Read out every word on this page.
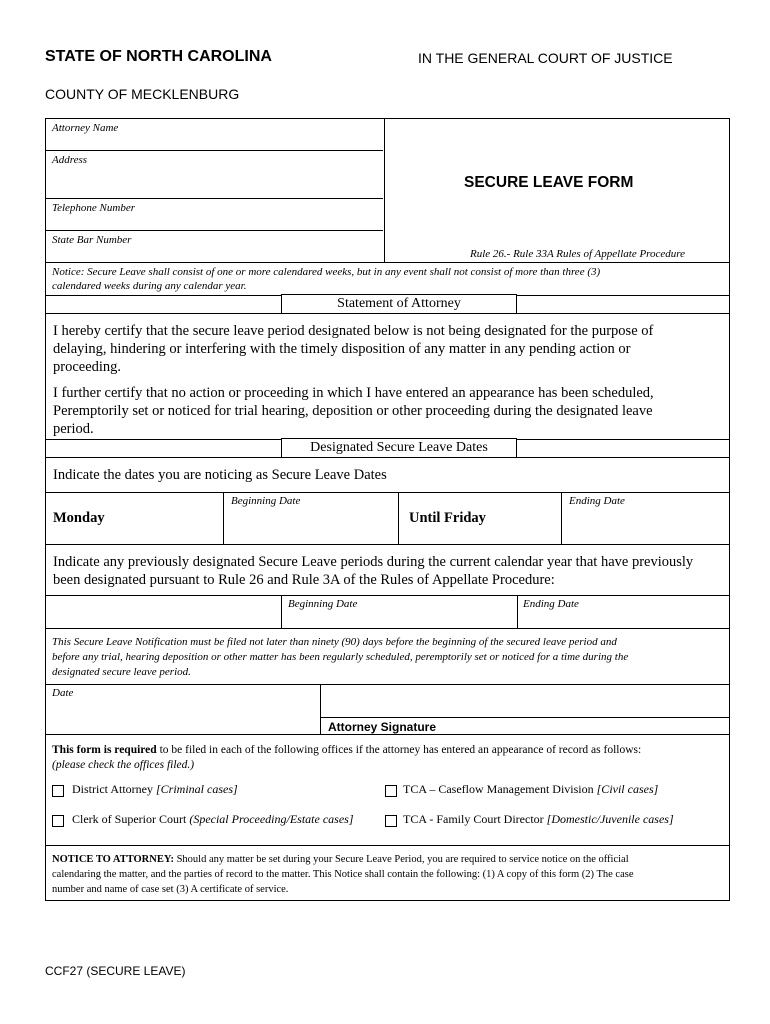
STATE OF NORTH CAROLINA	IN THE GENERAL COURT OF JUSTICE
COUNTY OF MECKLENBURG
Attorney Name
Address
Telephone Number
State Bar Number
SECURE LEAVE FORM
Rule 26.- Rule 33A Rules of Appellate Procedure
Notice: Secure Leave shall consist of one or more calendared weeks, but in any event shall not consist of more than three (3)
calendared weeks during any calendar year.
Statement of Attorney
I hereby certify that the secure leave period designated below is not being designated for the purpose of
delaying, hindering or interfering with the timely disposition of any matter in any pending action or
proceeding.
I further certify that no action or proceeding in which I have entered an appearance has been scheduled,
Peremptorily set or noticed for trial hearing, deposition or other proceeding during the designated leave
period.
Designated Secure Leave Dates
Indicate the dates you are noticing as Secure Leave Dates
Monday
Beginning Date
Until Friday
Ending Date
Indicate any previously designated Secure Leave periods during the current calendar year that have previously
been designated pursuant to Rule 26 and Rule 3A of the Rules of Appellate Procedure:
Beginning Date	Ending Date
This Secure Leave Notification must be filed not later than ninety (90) days before the beginning of the secured leave period and
before any trial, hearing deposition or other matter has been regularly scheduled, peremptorily set or noticed for a time during the
designated secure leave period.
Date
Attorney Signature
This form is required to be filed in each of the following offices if the attorney has entered an appearance of record as follows:
(please check the offices filed.)
District Attorney [Criminal cases]	TCA – Caseflow Management Division [Civil cases]
Clerk of Superior Court (Special Proceeding/Estate cases]	TCA - Family Court Director [Domestic/Juvenile cases]
NOTICE TO ATTORNEY: Should any matter be set during your Secure Leave Period, you are required to service notice on the official
calendaring the matter, and the parties of record to the matter. This Notice shall contain the following: (1) A copy of this form (2) The case
number and name of case set (3) A certificate of service.
CCF27 (SECURE LEAVE)
